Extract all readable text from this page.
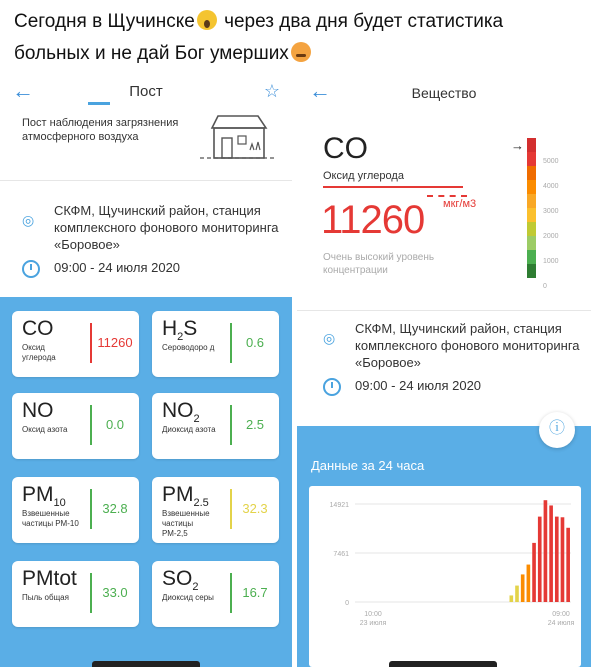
Сегодня в Щучинске через два дня будет статистика больных и не дай Бог умерших
←	Пост	☆
Пост наблюдения загрязнения атмосферного воздуха
◎
СКФМ, Щучинский район, станция комплексного фонового мониторинга «Боровое»
09:00 - 24 июля 2020
CO
Оксид углерода
11260
$H_2S$
Сероводоро д	0.6
NO
Оксид азота	0.0
$NO_2$
Диоксид азота	2.5
$PM_{10}$
Взвешенные частицы РМ-10
32.8
$PM_{2.5}$
Взвешенные частицы РМ-2,5
32.3
PMtot
Пыль общая	33.0
$SO_2$
Диоксид серы	16.7
←	Вещество
CO
Оксид углерода
11260 мкг/м3
Очень высокий уровень концентрации
→
5000
4000
3000
2000
1000
0
◎
СКФМ, Щучинский район, станция комплексного фонового мониторинга «Боровое»
09:00 - 24 июля 2020
Данные за 24 часа
14921
7461
0
10:00
23 июля
09:00
24 июля
ⓘ
